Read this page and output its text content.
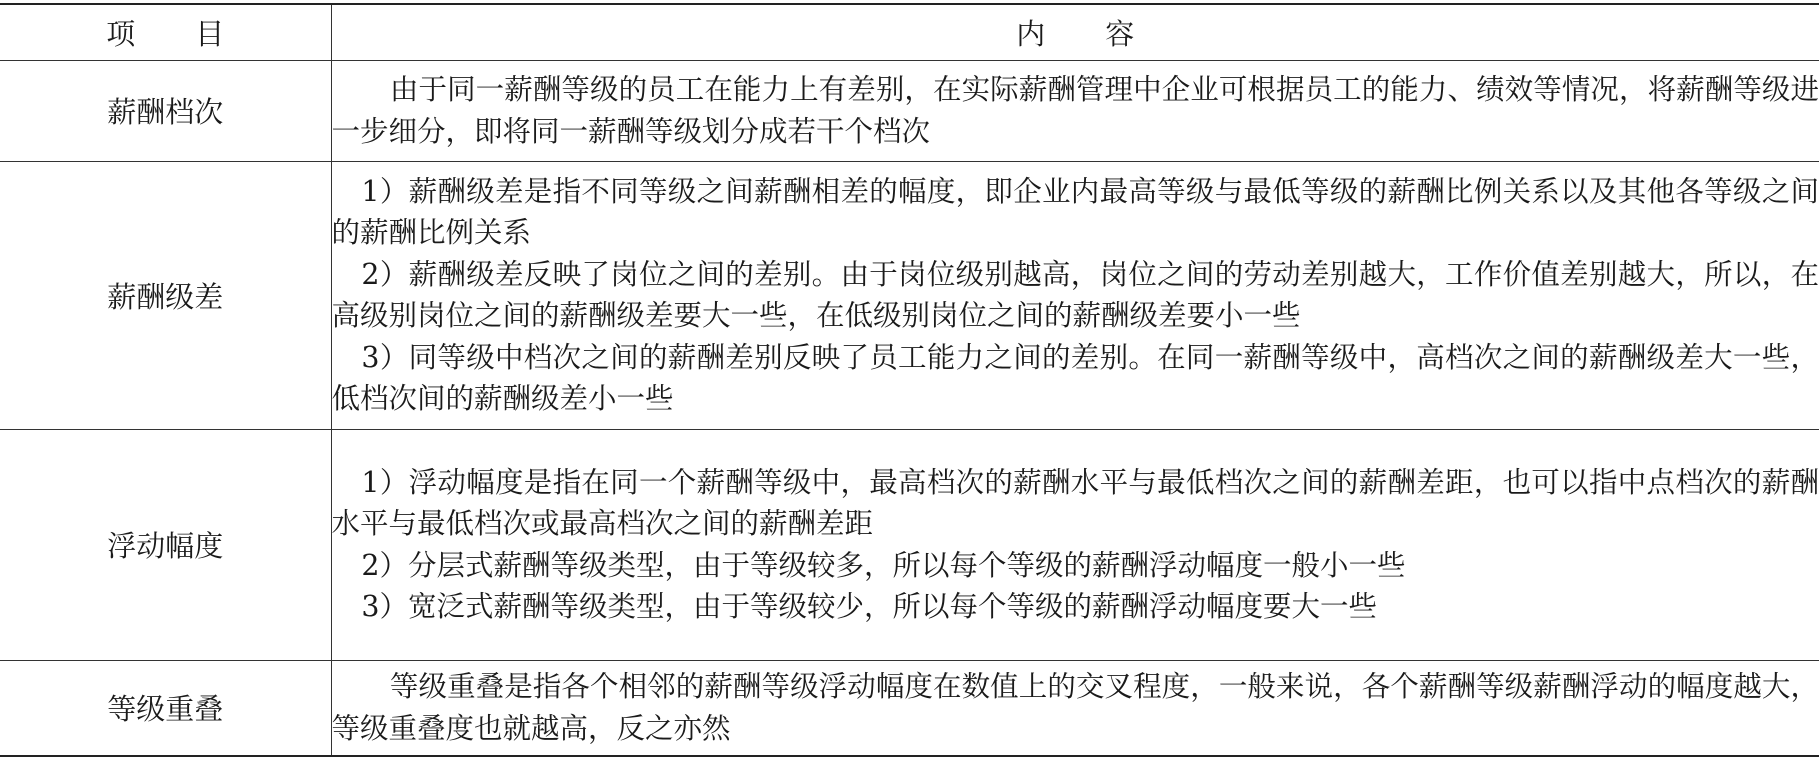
项 目	内 容
薪酬档次	由于同一薪酬等级的员工在能力上有差别，在实际薪酬管理中企业可根据员工的能力、绩效等情况，将薪酬等级进一步细分，即将同一薪酬等级划分成若干个档次

薪酬级差	1）薪酬级差是指不同等级之间薪酬相差的幅度，即企业内最高等级与最低等级的薪酬比例关系以及其他各等级之间的薪酬比例关系

2）薪酬级差反映了岗位之间的差别。由于岗位级别越高，岗位之间的劳动差别越大，工作价值差别越大，所以，在高级别岗位之间的薪酬级差要大一些，在低级别岗位之间的薪酬级差要小一些

3）同等级中档次之间的薪酬差别反映了员工能力之间的差别。在同一薪酬等级中，高档次之间的薪酬级差大一些，低档次间的薪酬级差小一些

浮动幅度	1）浮动幅度是指在同一个薪酬等级中，最高档次的薪酬水平与最低档次之间的薪酬差距，也可以指中点档次的薪酬水平与最低档次或最高档次之间的薪酬差距

2）分层式薪酬等级类型，由于等级较多，所以每个等级的薪酬浮动幅度一般小一些

3）宽泛式薪酬等级类型，由于等级较少，所以每个等级的薪酬浮动幅度要大一些

等级重叠	等级重叠是指各个相邻的薪酬等级浮动幅度在数值上的交叉程度，一般来说，各个薪酬等级薪酬浮动的幅度越大，等级重叠度也就越高，反之亦然
